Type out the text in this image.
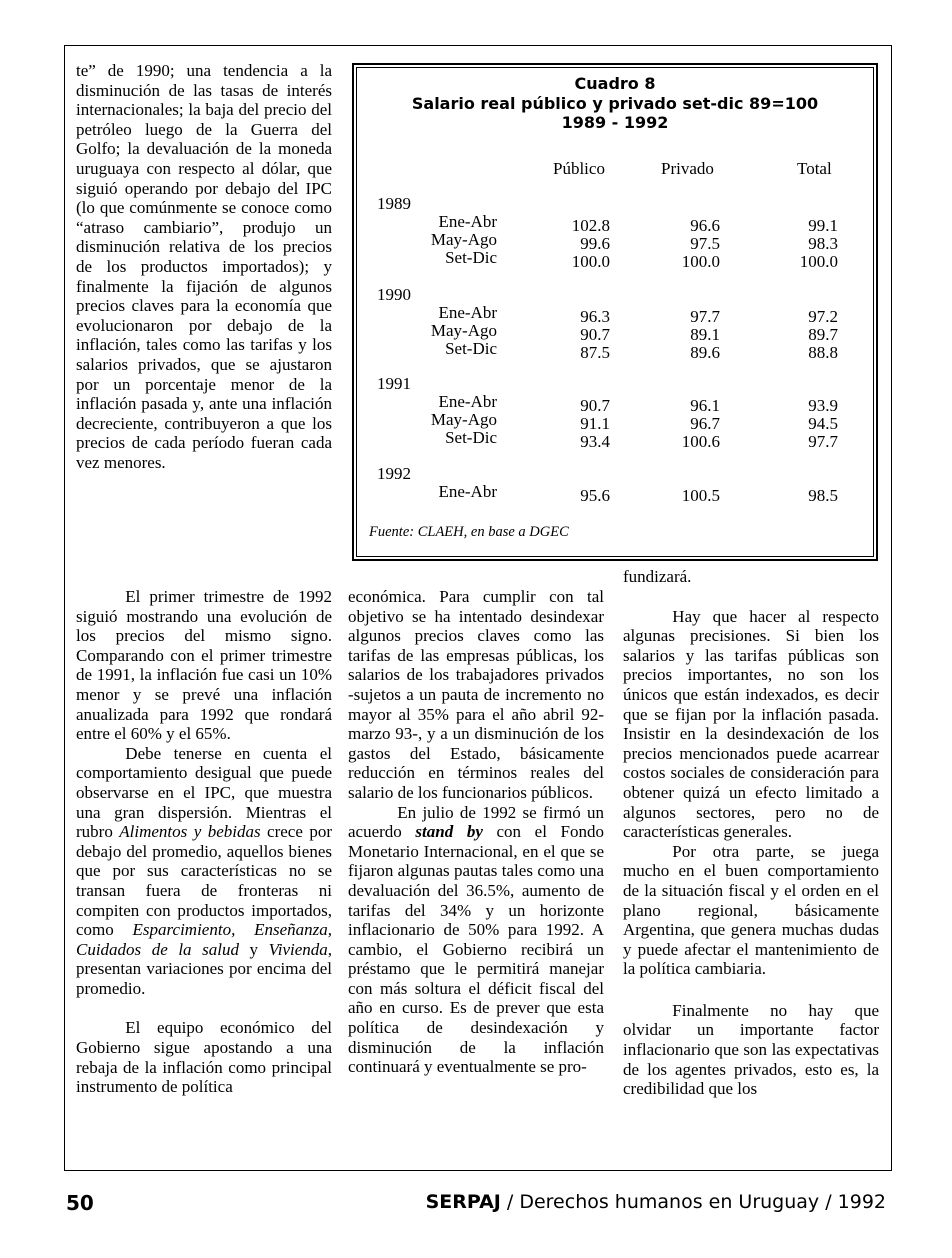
te” de 1990; una tendencia a la disminución de las tasas de interés internacionales; la baja del precio del petróleo luego de la Guerra del Golfo; la devaluación de la moneda uruguaya con respecto al dólar, que siguió operando por debajo del IPC (lo que comúnmente se conoce como “atraso cambiario”, produjo un disminución relativa de los precios de los productos importados); y finalmente la fijación de algunos precios claves para la economía que evolucionaron por debajo de la inflación, tales como las tarifas y los salarios privados, que se ajustaron por un porcentaje menor de la inflación pasada y, ante una inflación decreciente, contribuyeron a que los precios de cada período fueran cada vez menores.

El primer trimestre de 1992 siguió mostrando una evolución de los precios del mismo signo. Comparando con el primer trimestre de 1991, la inflación fue casi un 10% menor y se prevé una inflación anualizada para 1992 que rondará entre el 60% y el 65%.

Debe tenerse en cuenta el comportamiento desigual que puede observarse en el IPC, que muestra una gran dispersión. Mientras el rubro Alimentos y bebidas crece por debajo del promedio, aquellos bienes que por sus características no se transan fuera de fronteras ni compiten con productos importados, como Esparcimiento, Enseñanza, Cuidados de la salud y Vivienda, presentan variaciones por encima del promedio.

El equipo económico del Gobierno sigue apostando a una rebaja de la inflación como principal instrumento de política

económica. Para cumplir con tal objetivo se ha intentado desindexar algunos precios claves como las tarifas de las empresas públicas, los salarios de los trabajadores privados -sujetos a un pauta de incremento no mayor al 35% para el año abril 92-marzo 93-, y a un disminución de los gastos del Estado, básicamente reducción en términos reales del salario de los funcionarios públicos.

En julio de 1992 se firmó un acuerdo stand by con el Fondo Monetario Internacional, en el que se fijaron algunas pautas tales como una devaluación del 36.5%, aumento de tarifas del 34% y un horizonte inflacionario de 50% para 1992. A cambio, el Gobierno recibirá un préstamo que le permitirá manejar con más soltura el déficit fiscal del año en curso. Es de prever que esta política de desindexación y disminución de la inflación continuará y eventualmente se pro-

fundizará.

Hay que hacer al respecto algunas precisiones. Si bien los salarios y las tarifas públicas son precios importantes, no son los únicos que están indexados, es decir que se fijan por la inflación pasada. Insistir en la desindexación de los precios mencionados puede acarrear costos sociales de consideración para obtener quizá un efecto limitado a algunos sectores, pero no de características generales.

Por otra parte, se juega mucho en el buen comportamiento de la situación fiscal y el orden en el plano regional, básicamente Argentina, que genera muchas dudas y puede afectar el mantenimiento de la política cambiaria.

Finalmente no hay que olvidar un importante factor inflacionario que son las expectativas de los agentes privados, esto es, la credibilidad que los

Cuadro 8
Salario real público y privado set-dic 89=100
1989 - 1992
Público	Privado	Total
1989
Ene-Abr	102.8	96.6	99.1
May-Ago	99.6	97.5	98.3
Set-Dic	100.0	100.0	100.0
1990
Ene-Abr	96.3	97.7	97.2
May-Ago	90.7	89.1	89.7
Set-Dic	87.5	89.6	88.8
1991
Ene-Abr	90.7	96.1	93.9
May-Ago	91.1	96.7	94.5
Set-Dic	93.4	100.6	97.7
1992
Ene-Abr	95.6	100.5	98.5
Fuente: CLAEH, en base a DGEC
50	SERPAJ / Derechos humanos en Uruguay / 1992
